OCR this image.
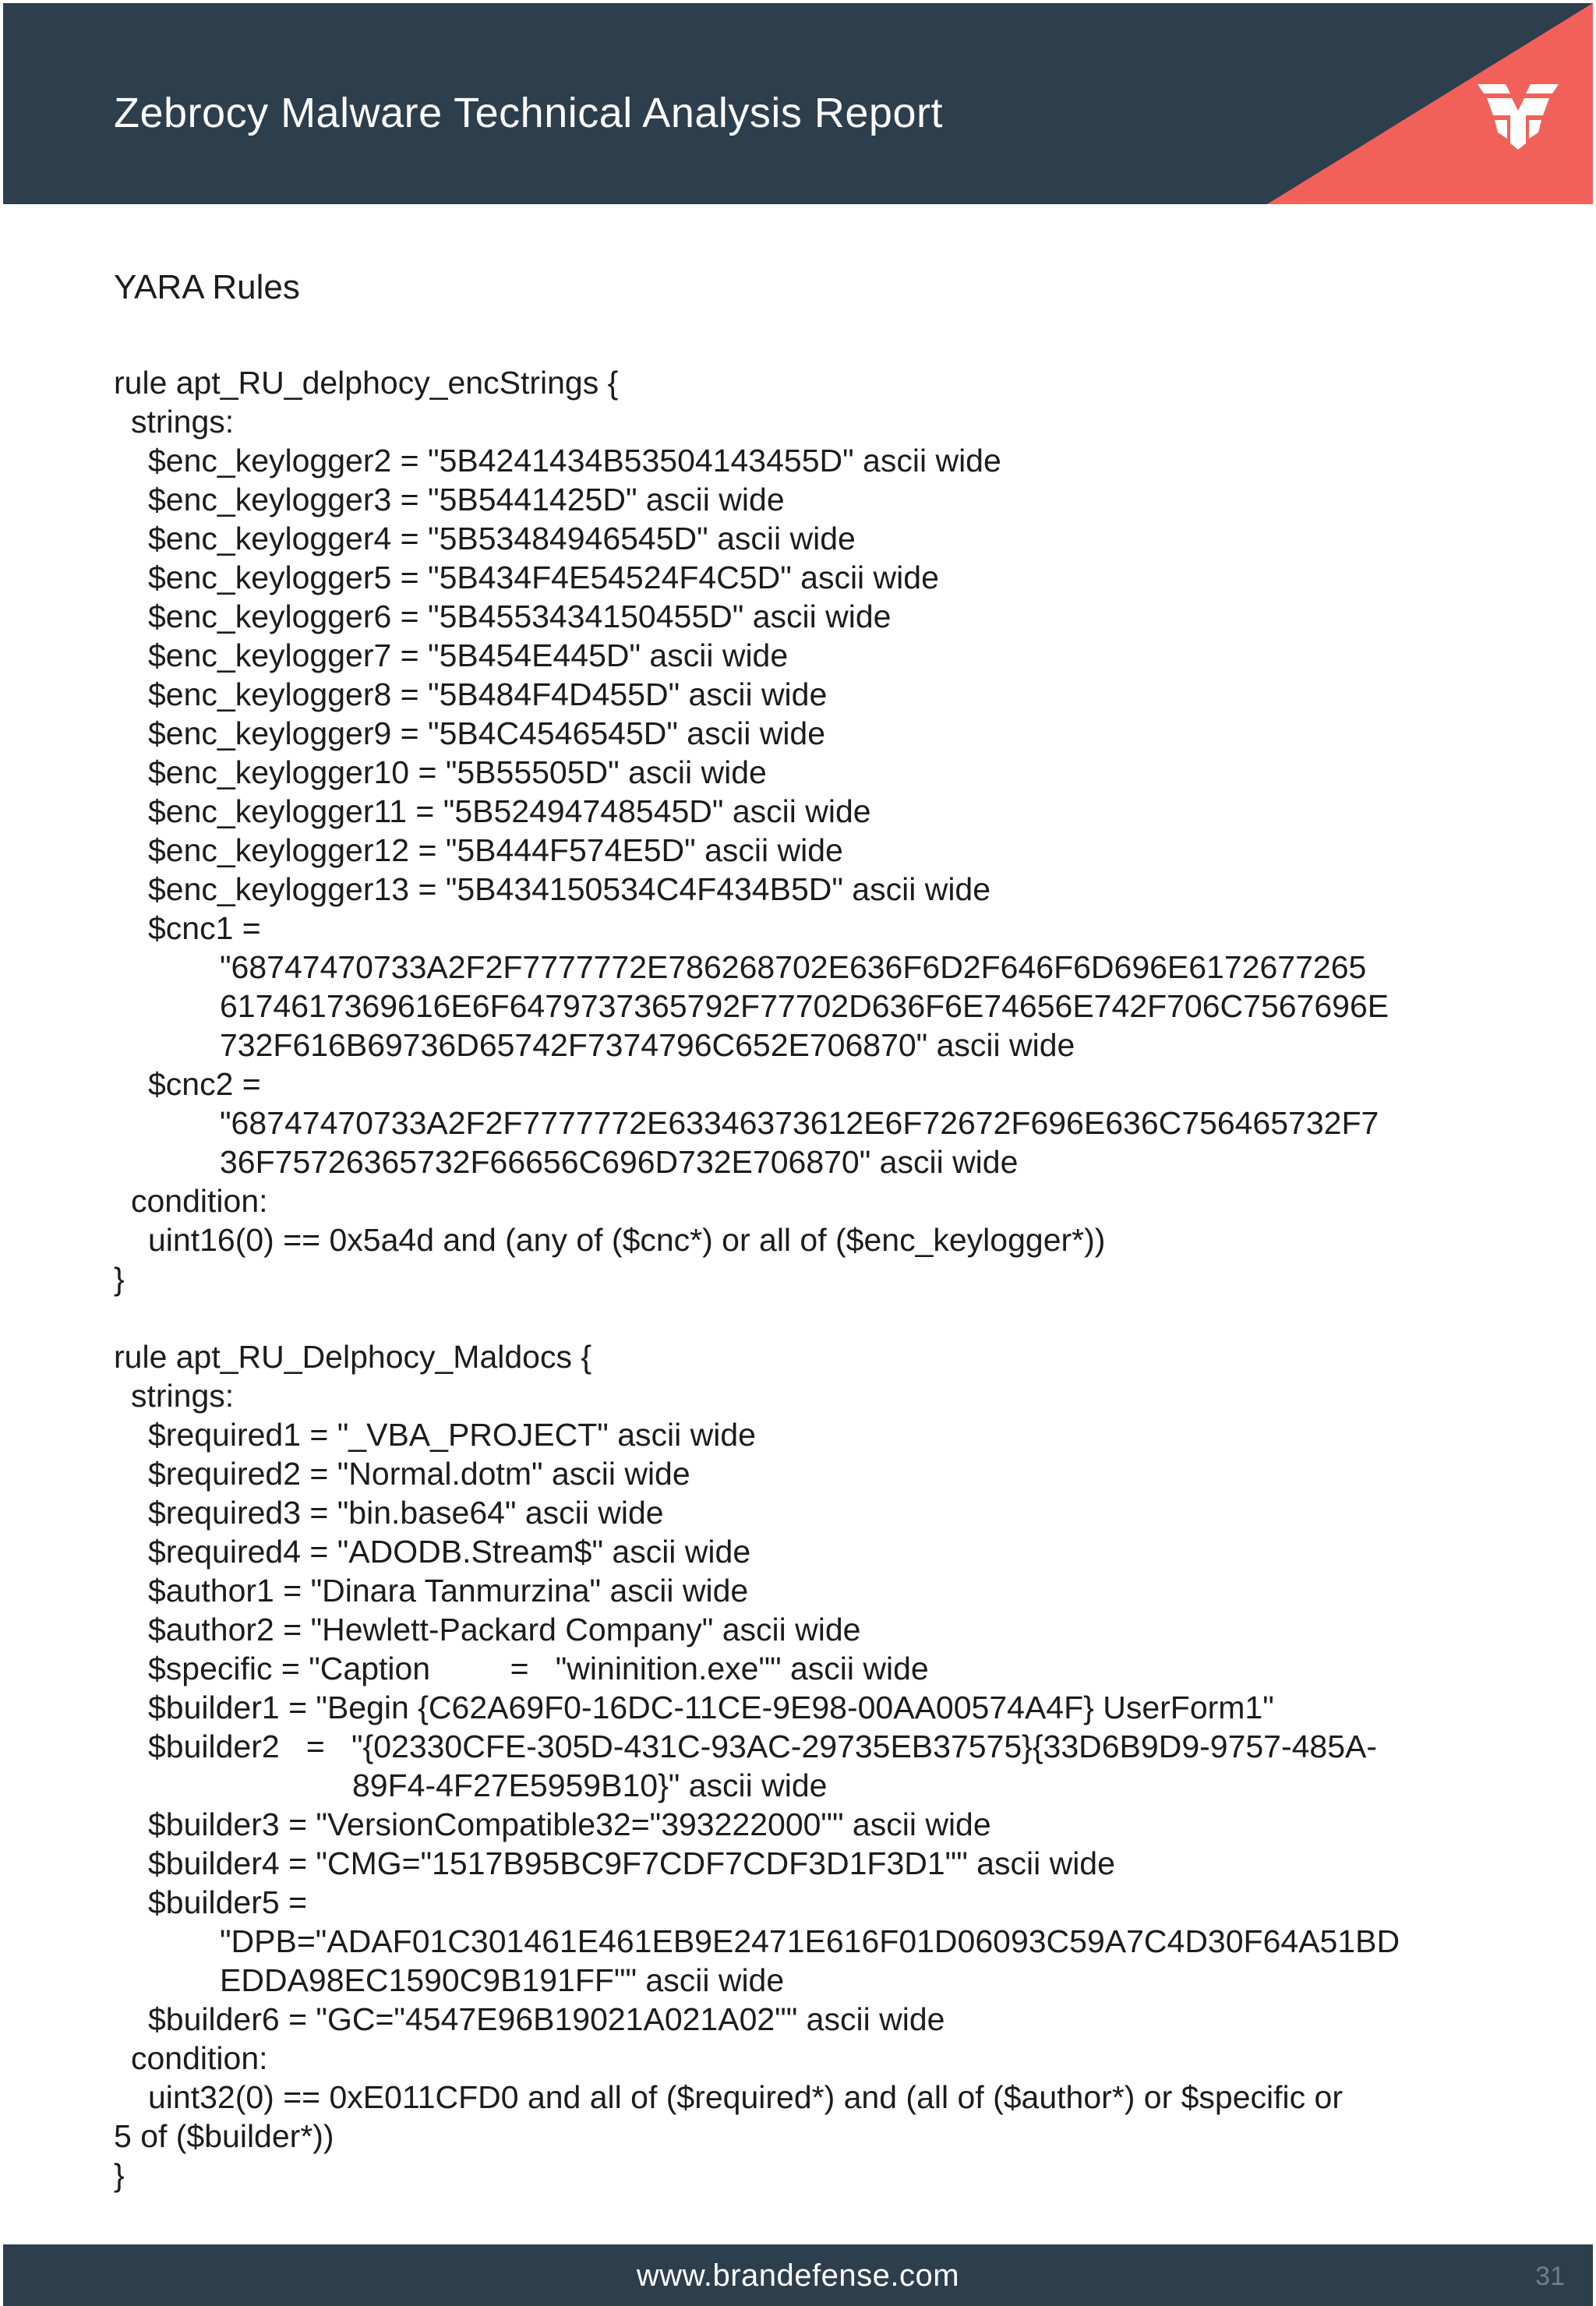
Zebrocy Malware Technical Analysis Report
YARA Rules
rule apt_RU_delphocy_encStrings {
strings:
$enc_keylogger2 = "5B4241434B53504143455D" ascii wide
$enc_keylogger3 = "5B5441425D" ascii wide
$enc_keylogger4 = "5B53484946545D" ascii wide
$enc_keylogger5 = "5B434F4E54524F4C5D" ascii wide
$enc_keylogger6 = "5B4553434150455D" ascii wide
$enc_keylogger7 = "5B454E445D" ascii wide
$enc_keylogger8 = "5B484F4D455D" ascii wide
$enc_keylogger9 = "5B4C4546545D" ascii wide
$enc_keylogger10 = "5B55505D" ascii wide
$enc_keylogger11 = "5B52494748545D" ascii wide
$enc_keylogger12 = "5B444F574E5D" ascii wide
$enc_keylogger13 = "5B434150534C4F434B5D" ascii wide
$cnc1 =
"68747470733A2F2F7777772E786268702E636F6D2F646F6D696E6172677265
6174617369616E6F6479737365792F77702D636F6E74656E742F706C7567696E
732F616B69736D65742F7374796C652E706870" ascii wide
$cnc2 =
"68747470733A2F2F7777772E63346373612E6F72672F696E636C756465732F7
36F75726365732F66656C696D732E706870" ascii wide
condition:
uint16(0) == 0x5a4d and (any of ($cnc*) or all of ($enc_keylogger*))
}
rule apt_RU_Delphocy_Maldocs {
strings:
$required1 = "_VBA_PROJECT" ascii wide
$required2 = "Normal.dotm" ascii wide
$required3 = "bin.base64" ascii wide
$required4 = "ADODB.Stream$" ascii wide
$author1 = "Dinara Tanmurzina" ascii wide
$author2 = "Hewlett-Packard Company" ascii wide
$specific = "Caption         =   "wininition.exe"" ascii wide
$builder1 = "Begin {C62A69F0-16DC-11CE-9E98-00AA00574A4F} UserForm1"
$builder2   =   "{02330CFE-305D-431C-93AC-29735EB37575}{33D6B9D9-9757-485A-
89F4-4F27E5959B10}" ascii wide
$builder3 = "VersionCompatible32="393222000"" ascii wide
$builder4 = "CMG="1517B95BC9F7CDF7CDF3D1F3D1"" ascii wide
$builder5 =
"DPB="ADAF01C301461E461EB9E2471E616F01D06093C59A7C4D30F64A51BD
EDDA98EC1590C9B191FF"" ascii wide
$builder6 = "GC="4547E96B19021A021A02"" ascii wide
condition:
uint32(0) == 0xE011CFD0 and all of ($required*) and (all of ($author*) or $specific or
5 of ($builder*))
}
www.brandefense.com	31
